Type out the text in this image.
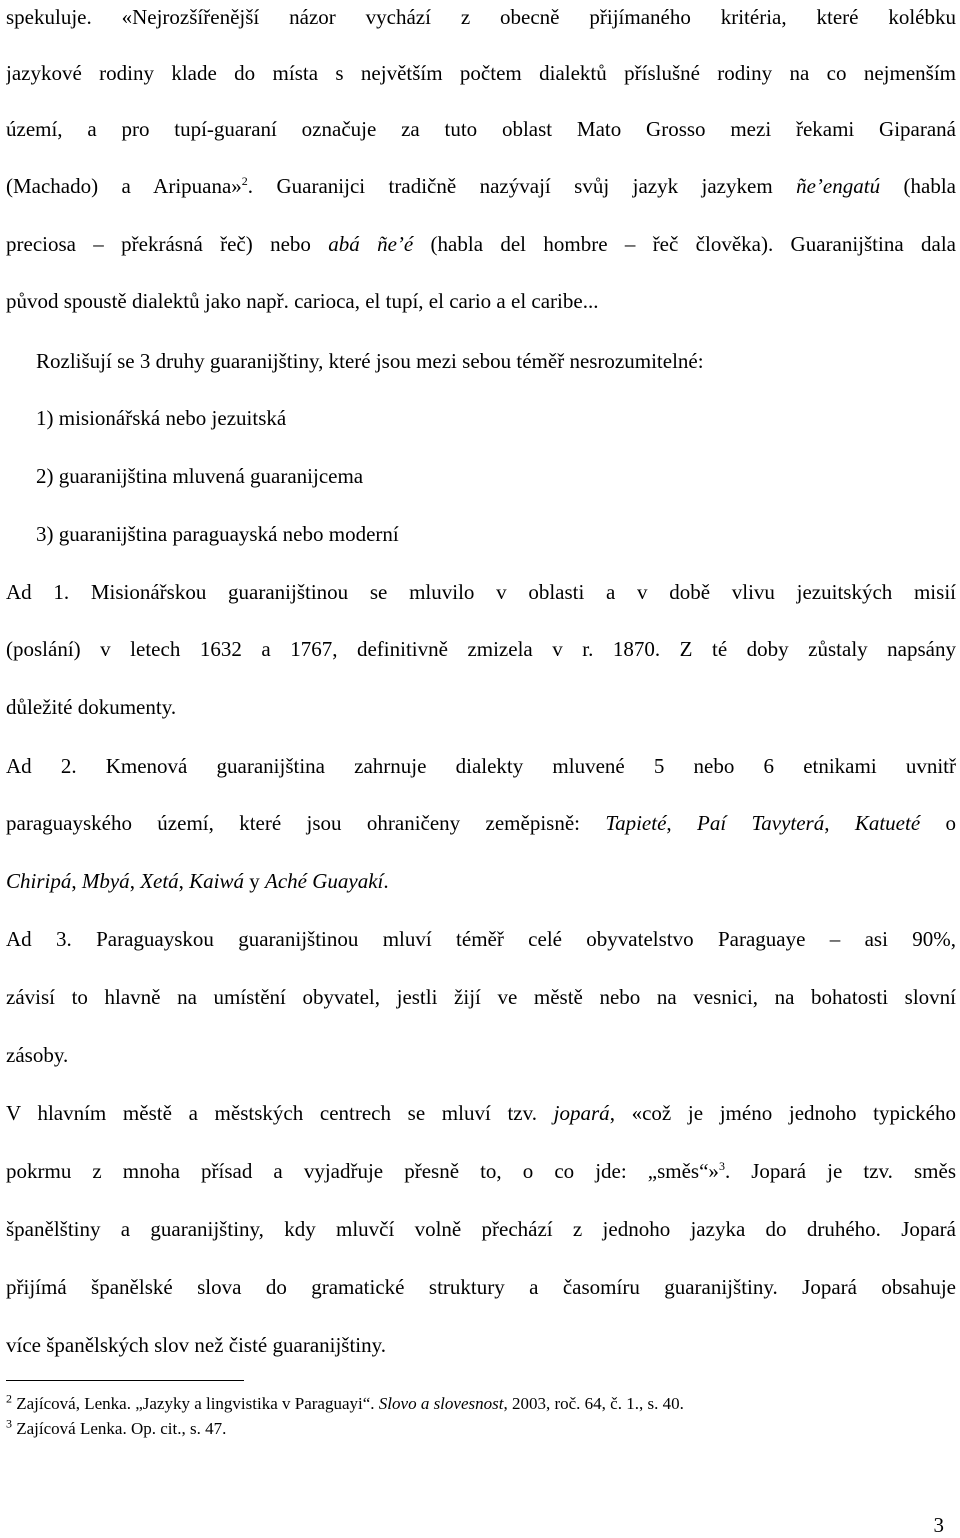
spekuluje. «Nejrozšířenější názor vychází z obecně přijímaného kritéria, které kolébku
jazykové rodiny klade do místa s největším počtem dialektů příslušné rodiny na co nejmenším
území, a pro tupí-guaraní označuje za tuto oblast Mato Grosso mezi řekami Giparaná
(Machado) a Aripuana»$^2$. Guaranijci tradičně nazývají svůj jazyk jazykem ñe’engatú (habla
preciosa – překrásná řeč) nebo abá ñe’é (habla del hombre – řeč člověka). Guaranijština dala
původ spoustě dialektů jako např. carioca, el tupí, el cario a el caribe...
Rozlišují se 3 druhy guaranijštiny, které jsou mezi sebou téměř nesrozumitelné:
1) misionářská nebo jezuitská
2) guaranijština mluvená guaranijcema
3) guaranijština paraguayská nebo moderní
Ad 1. Misionářskou guaranijštinou se mluvilo v oblasti a v době vlivu jezuitských misií
(poslání) v letech 1632 a 1767, definitivně zmizela v r. 1870. Z té doby zůstaly napsány
důležité dokumenty.
Ad 2. Kmenová guaranijština zahrnuje dialekty mluvené 5 nebo 6 etnikami uvnitř
paraguayského území, které jsou ohraničeny zeměpisně: Tapieté, Paí Tavyterá, Katueté o
Chiripá, Mbyá, Xetá, Kaiwá y Aché Guayakí.
Ad 3. Paraguayskou guaranijštinou mluví téměř celé obyvatelstvo Paraguaye – asi 90%,
závisí to hlavně na umístění obyvatel, jestli žijí ve městě nebo na vesnici, na bohatosti slovní
zásoby.
V hlavním městě a městských centrech se mluví tzv. jopará, «což je jméno jednoho typického
pokrmu z mnoha přísad a vyjadřuje přesně to, o co jde: „směs“»$^3$. Jopará je tzv. směs
španělštiny a guaranijštiny, kdy mluvčí volně přechází z jednoho jazyka do druhého. Jopará
přijímá španělské slova do gramatické struktury a časomíru guaranijštiny. Jopará obsahuje
více španělských slov než čisté guaranijštiny.
$^2$ Zajícová, Lenka. „Jazyky a lingvistika v Paraguayi“. Slovo a slovesnost, 2003, roč. 64, č. 1., s. 40.
$^3$ Zajícová Lenka. Op. cit., s. 47.
3
